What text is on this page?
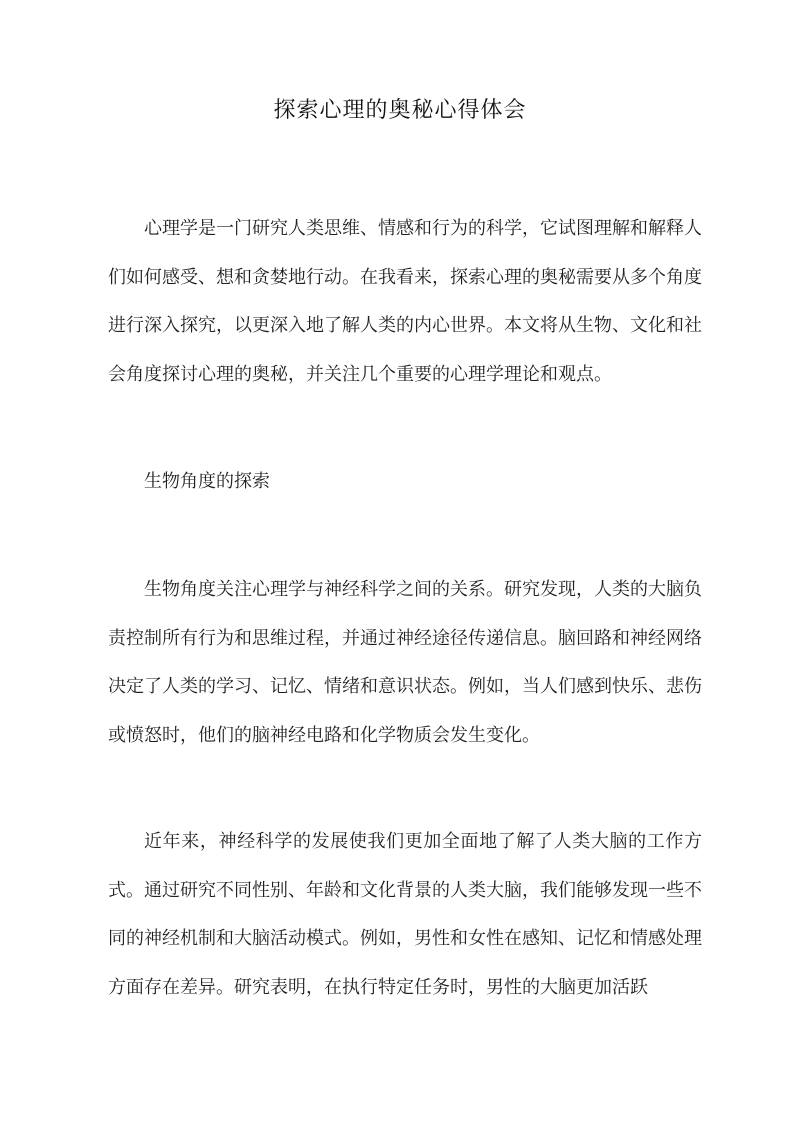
探索心理的奥秘心得体会

心理学是一门研究人类思维、情感和行为的科学，它试图理解和解释人们如何感受、想和贪婪地行动。在我看来，探索心理的奥秘需要从多个角度进行深入探究，以更深入地了解人类的内心世界。本文将从生物、文化和社会角度探讨心理的奥秘，并关注几个重要的心理学理论和观点。

生物角度的探索

生物角度关注心理学与神经科学之间的关系。研究发现，人类的大脑负责控制所有行为和思维过程，并通过神经途径传递信息。脑回路和神经网络决定了人类的学习、记忆、情绪和意识状态。例如，当人们感到快乐、悲伤或愤怒时，他们的脑神经电路和化学物质会发生变化。

近年来，神经科学的发展使我们更加全面地了解了人类大脑的工作方式。通过研究不同性别、年龄和文化背景的人类大脑，我们能够发现一些不同的神经机制和大脑活动模式。例如，男性和女性在感知、记忆和情感处理方面存在差异。研究表明，在执行特定任务时，男性的大脑更加活跃
